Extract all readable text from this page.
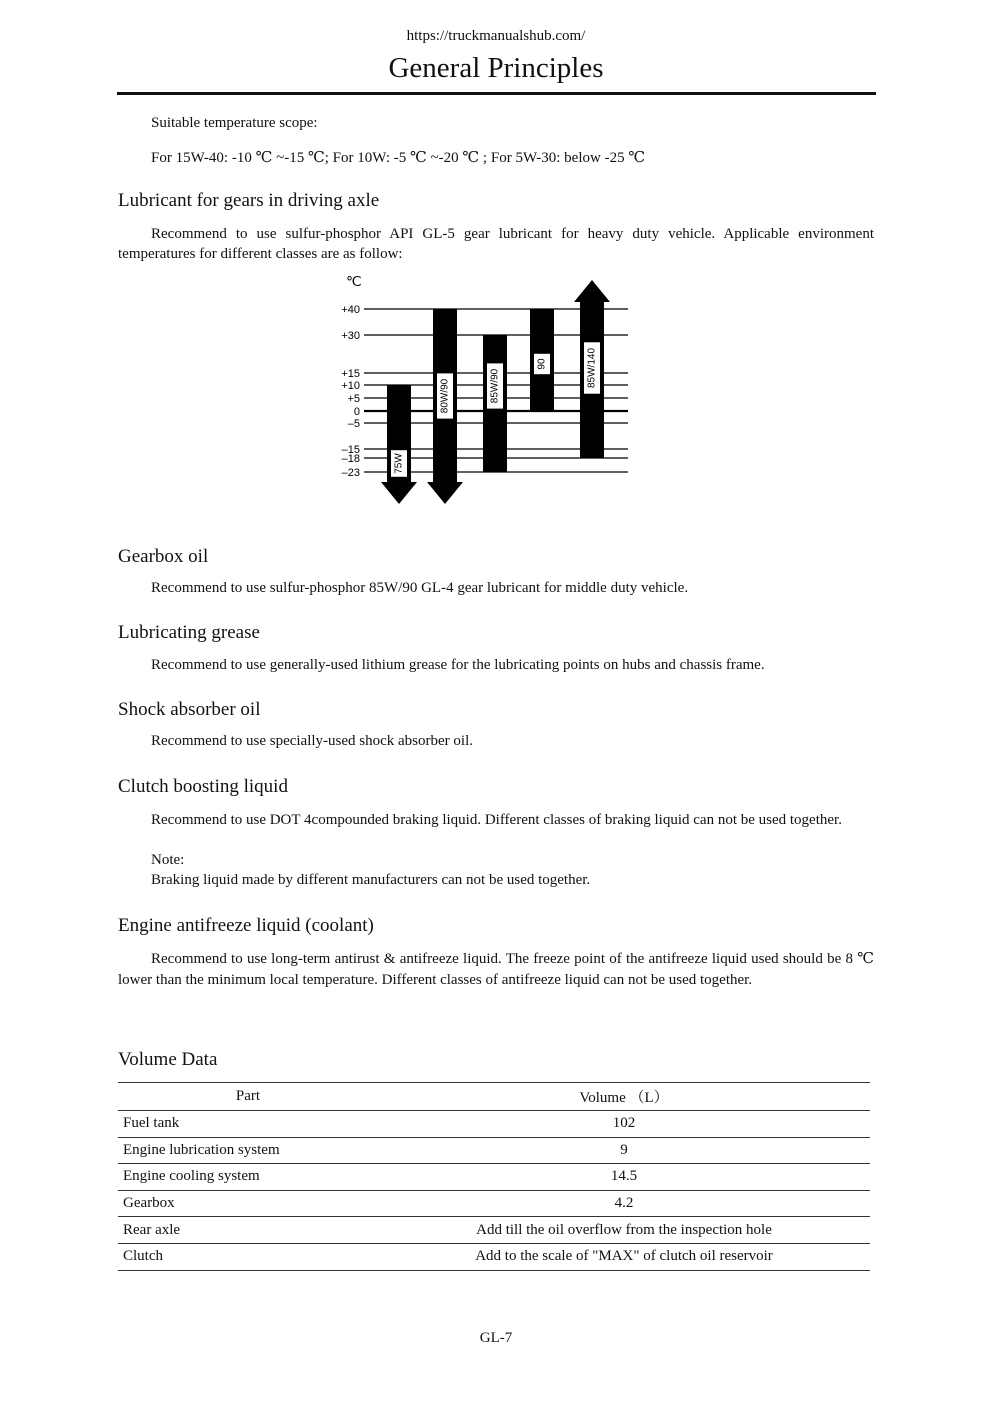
https://truckmanualshub.com/
General Principles
Suitable temperature scope:
For 15W-40: -10 ℃ ~-15 ℃; For 10W: -5 ℃ ~-20 ℃ ; For 5W-30: below -25 ℃
Lubricant for gears in driving axle
Recommend to use sulfur-phosphor API GL-5 gear lubricant for heavy duty vehicle. Applicable environment temperatures for different classes are as follow:
℃
+40
+30
+15
+10
+5
0
–5
–15
–18
–23	75W
80W/90	85W/90
90	85W/140
Gearbox oil
Recommend to use sulfur-phosphor 85W/90 GL-4 gear lubricant for middle duty vehicle.
Lubricating grease
Recommend to use generally-used lithium grease for the lubricating points on hubs and chassis frame.
Shock absorber oil
Recommend to use specially-used shock absorber oil.
Clutch boosting liquid
Recommend to use DOT 4compounded braking liquid. Different classes of braking liquid can not be used together.
Note:
Braking liquid made by different manufacturers can not be used together.
Engine antifreeze liquid (coolant)
Recommend to use long-term antirust & antifreeze liquid. The freeze point of the antifreeze liquid used should be 8 ℃ lower than the minimum local temperature. Different classes of antifreeze liquid can not be used together.
Volume Data
Part	Volume （L）
Fuel tank	102
Engine lubrication system	9
Engine cooling system	14.5
Gearbox	4.2
Rear axle	Add till the oil overflow from the inspection hole
Clutch	Add to the scale of "MAX" of clutch oil reservoir
GL-7
